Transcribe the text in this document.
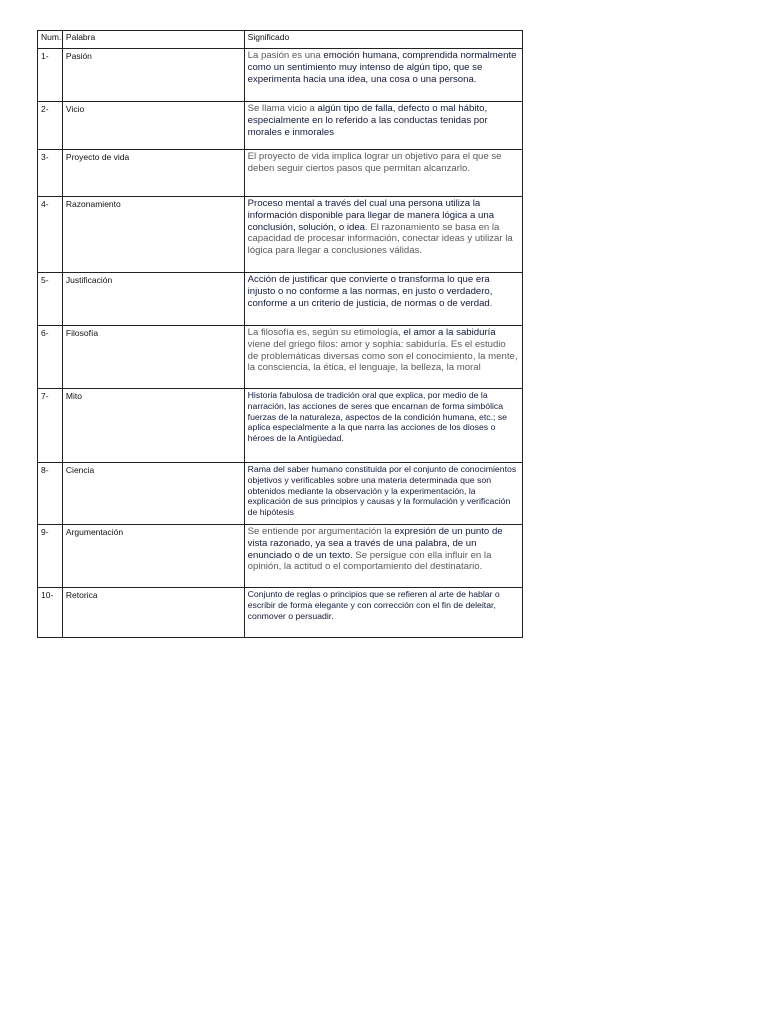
Num.	Palabra	Significado
1-	Pasión	La pasión es una emoción humana, comprendida normalmente como un sentimiento muy intenso de algún tipo, que se experimenta hacia una idea, una cosa o una persona.
2-	Vicio	Se llama vicio a algún tipo de falla, defecto o mal hábito, especialmente en lo referido a las conductas tenidas por morales e inmorales
3-	Proyecto de vida	El proyecto de vida implica lograr un objetivo para el que se deben seguir ciertos pasos que permitan alcanzarlo.
4-	Razonamiento	Proceso mental a través del cual una persona utiliza la información disponible para llegar de manera lógica a una conclusión, solución, o idea. El razonamiento se basa en la capacidad de procesar información, conectar ideas y utilizar la lógica para llegar a conclusiones válidas.
5-	Justificación	Acción de justificar que convierte o transforma lo que era injusto o no conforme a las normas, en justo o verdadero, conforme a un criterio de justicia, de normas o de verdad.
6-	Filosofía	La filosofía es, según su etimología, el amor a la sabiduría viene del griego filos: amor y sophia: sabiduría. Es el estudio de problemáticas diversas como son el conocimiento, la mente, la consciencia, la ética, el lenguaje, la belleza, la moral
7-	Mito	Historia fabulosa de tradición oral que explica, por medio de la narración, las acciones de seres que encarnan de forma simbólica fuerzas de la naturaleza, aspectos de la condición humana, etc.; se aplica especialmente a la que narra las acciones de los dioses o héroes de la Antigüedad.
8-	Ciencia	Rama del saber humano constituida por el conjunto de conocimientos objetivos y verificables sobre una materia determinada que son obtenidos mediante la observación y la experimentación, la explicación de sus principios y causas y la formulación y verificación de hipótesis
9-	Argumentación	Se entiende por argumentación la expresión de un punto de vista razonado, ya sea a través de una palabra, de un enunciado o de un texto. Se persigue con ella influir en la opinión, la actitud o el comportamiento del destinatario.
10-	Retorica	Conjunto de reglas o principios que se refieren al arte de hablar o escribir de forma elegante y con corrección con el fin de deleitar, conmover o persuadir.
